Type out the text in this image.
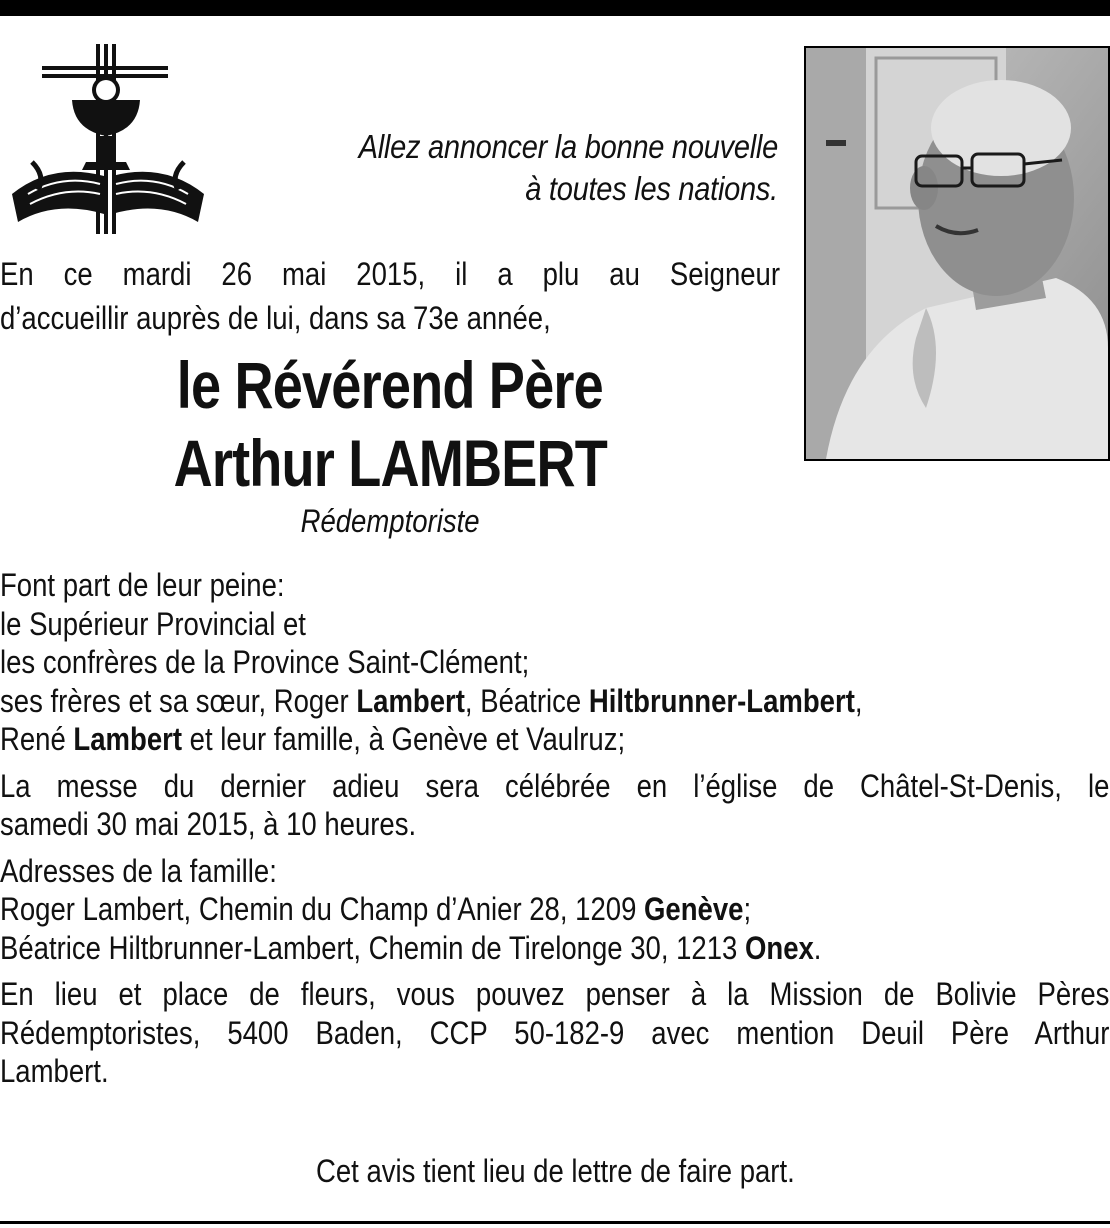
Allez annoncer la bonne nouvelle
à toutes les nations.
En ce mardi 26 mai 2015, il a plu au Seigneur
d’accueillir auprès de lui, dans sa 73e année,
le Révérend Père
Arthur LAMBERT
Rédemptoriste
Font part de leur peine:
le Supérieur Provincial et
les confrères de la Province Saint-Clément;
ses frères et sa sœur, Roger Lambert, Béatrice Hiltbrunner-Lambert,
René Lambert et leur famille, à Genève et Vaulruz;
La messe du dernier adieu sera célébrée en l’église de Châtel-St-Denis, le
samedi 30 mai 2015, à 10 heures.
Adresses de la famille:
Roger Lambert, Chemin du Champ d’Anier 28, 1209 Genève;
Béatrice Hiltbrunner-Lambert, Chemin de Tirelonge 30, 1213 Onex.
En lieu et place de fleurs, vous pouvez penser à la Mission de Bolivie Pères
Rédemptoristes, 5400 Baden, CCP 50-182-9 avec mention Deuil Père Arthur
Lambert.
Cet avis tient lieu de lettre de faire part.
